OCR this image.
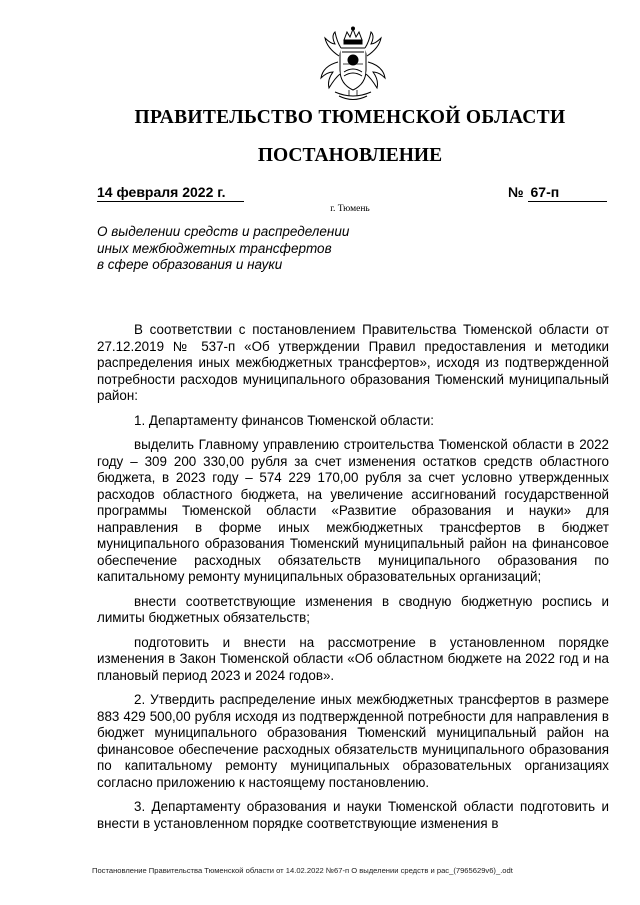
ПРАВИТЕЛЬСТВО ТЮМЕНСКОЙ ОБЛАСТИ
ПОСТАНОВЛЕНИЕ
14 февраля 2022 г.	№ 67-п
г. Тюмень
О выделении средств и распределении
иных межбюджетных трансфертов
в сфере образования и науки

В соответствии с постановлением Правительства Тюменской области от 27.12.2019 № 537-п «Об утверждении Правил предоставления и методики распределения иных межбюджетных трансфертов», исходя из подтвержденной потребности расходов муниципального образования Тюменский муниципальный район:

1. Департаменту финансов Тюменской области:

выделить Главному управлению строительства Тюменской области в 2022 году – 309 200 330,00 рубля за счет изменения остатков средств областного бюджета, в 2023 году – 574 229 170,00 рубля за счет условно утвержденных расходов областного бюджета, на увеличение ассигнований государственной программы Тюменской области «Развитие образования и науки» для направления в форме иных межбюджетных трансфертов в бюджет муниципального образования Тюменский муниципальный район на финансовое обеспечение расходных обязательств муниципального образования по капитальному ремонту муниципальных образовательных организаций;

внести соответствующие изменения в сводную бюджетную роспись и лимиты бюджетных обязательств;

подготовить и внести на рассмотрение в установленном порядке изменения в Закон Тюменской области «Об областном бюджете на 2022 год и на плановый период 2023 и 2024 годов».

2. Утвердить распределение иных межбюджетных трансфертов в размере 883 429 500,00 рубля исходя из подтвержденной потребности для направления в бюджет муниципального образования Тюменский муниципальный район на финансовое обеспечение расходных обязательств муниципального образования по капитальному ремонту муниципальных образовательных организациях согласно приложению к настоящему постановлению.

3. Департаменту образования и науки Тюменской области подготовить и внести в установленном порядке соответствующие изменения в

Постановление Правительства Тюменской области от 14.02.2022 №67-п О выделении средств и рас_(7965629v6)_.odt
